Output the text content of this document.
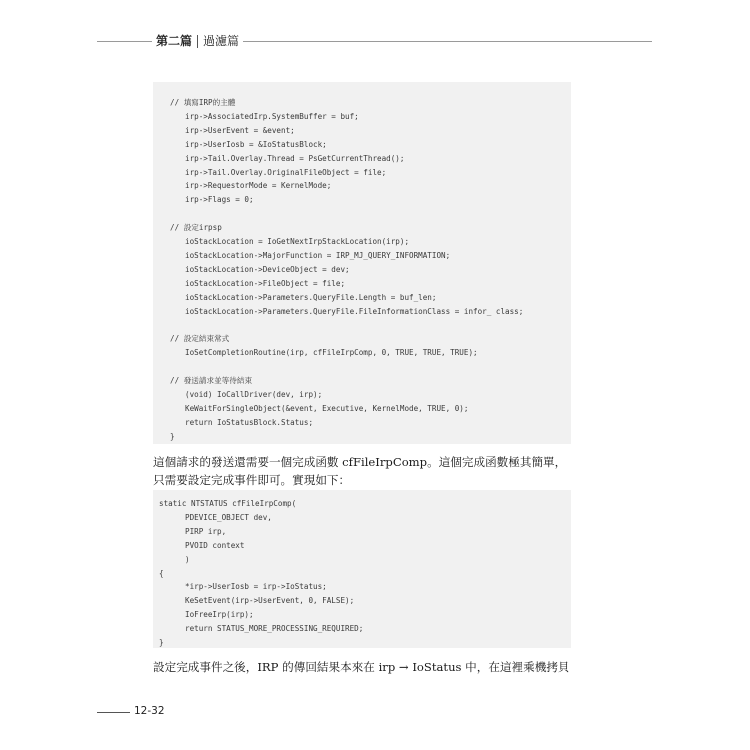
第二篇 過濾篇
// 填寫IRP的主體
irp->AssociatedIrp.SystemBuffer = buf;
irp->UserEvent = &event;
irp->UserIosb = &IoStatusBlock;
irp->Tail.Overlay.Thread = PsGetCurrentThread();
irp->Tail.Overlay.OriginalFileObject = file;
irp->RequestorMode = KernelMode;
irp->Flags = 0;
// 設定irpsp
ioStackLocation = IoGetNextIrpStackLocation(irp);
ioStackLocation->MajorFunction = IRP_MJ_QUERY_INFORMATION;
ioStackLocation->DeviceObject = dev;
ioStackLocation->FileObject = file;
ioStackLocation->Parameters.QueryFile.Length = buf_len;
ioStackLocation->Parameters.QueryFile.FileInformationClass = infor_ class;
// 設定結束常式
IoSetCompletionRoutine(irp, cfFileIrpComp, 0, TRUE, TRUE, TRUE);
// 發送請求並等待結束
(void) IoCallDriver(dev, irp);
KeWaitForSingleObject(&event, Executive, KernelMode, TRUE, 0);
return IoStatusBlock.Status;
}
這個請求的發送還需要一個完成函數 cfFileIrpComp。這個完成函數極其簡單，
只需要設定完成事件即可。實現如下：
static NTSTATUS cfFileIrpComp(
PDEVICE_OBJECT dev,
PIRP irp,
PVOID context
)
{
*irp->UserIosb = irp->IoStatus;
KeSetEvent(irp->UserEvent, 0, FALSE);
IoFreeIrp(irp);
return STATUS_MORE_PROCESSING_REQUIRED;
}
設定完成事件之後，IRP 的傳回結果本來在 irp → IoStatus 中，在這裡乘機拷貝
12-32
